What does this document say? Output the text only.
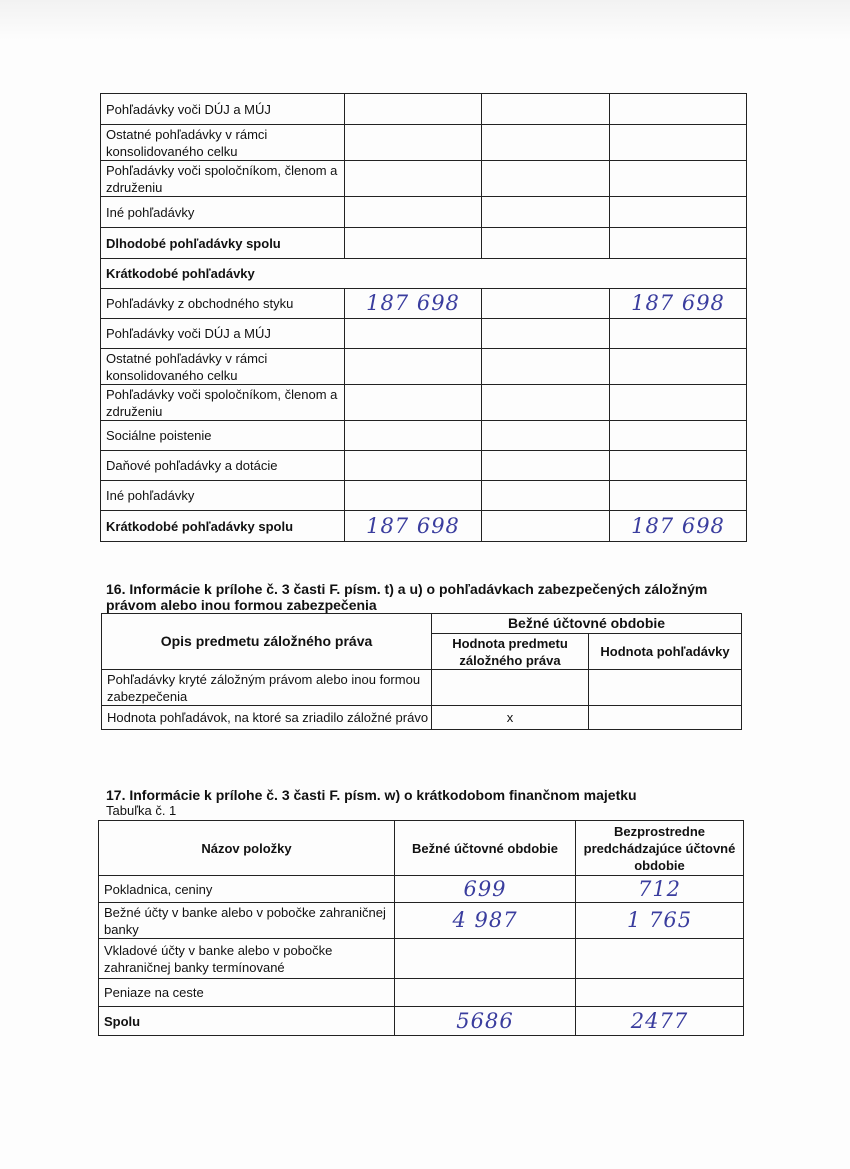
Pohľadávky voči DÚJ a MÚJ			
Ostatné pohľadávky v rámci konsolidovaného celku			
Pohľadávky voči spoločníkom, členom a združeniu			
Iné pohľadávky			
Dlhodobé pohľadávky spolu			
Krátkodobé pohľadávky			
Pohľadávky z obchodného styku	187 698		187 698
Pohľadávky voči DÚJ a MÚJ			
Ostatné pohľadávky v rámci konsolidovaného celku			
Pohľadávky voči spoločníkom, členom a združeniu			
Sociálne poistenie			
Daňové pohľadávky a dotácie			
Iné pohľadávky			
Krátkodobé pohľadávky spolu	187 698		187 698
16. Informácie k prílohe č. 3 časti F. písm. t) a u) o pohľadávkach zabezpečených záložným právom alebo inou formou zabezpečenia
Opis predmetu záložného práva	Bežné účtovné obdobie	
	Hodnota predmetu záložného práva	Hodnota pohľadávky
Pohľadávky kryté záložným právom alebo inou formou zabezpečenia		
Hodnota pohľadávok, na ktoré sa zriadilo záložné právo	x	
17. Informácie k prílohe č. 3 časti F. písm. w) o krátkodobom finančnom majetku
Tabuľka č. 1
Názov položky	Bežné účtovné obdobie	Bezprostredne predchádzajúce účtovné obdobie
Pokladnica, ceniny	699	712
Bežné účty v banke alebo v pobočke zahraničnej banky	4 987	1 765
Vkladové účty v banke alebo v pobočke zahraničnej banky termínované		
Peniaze na ceste		
Spolu	5686	2477
